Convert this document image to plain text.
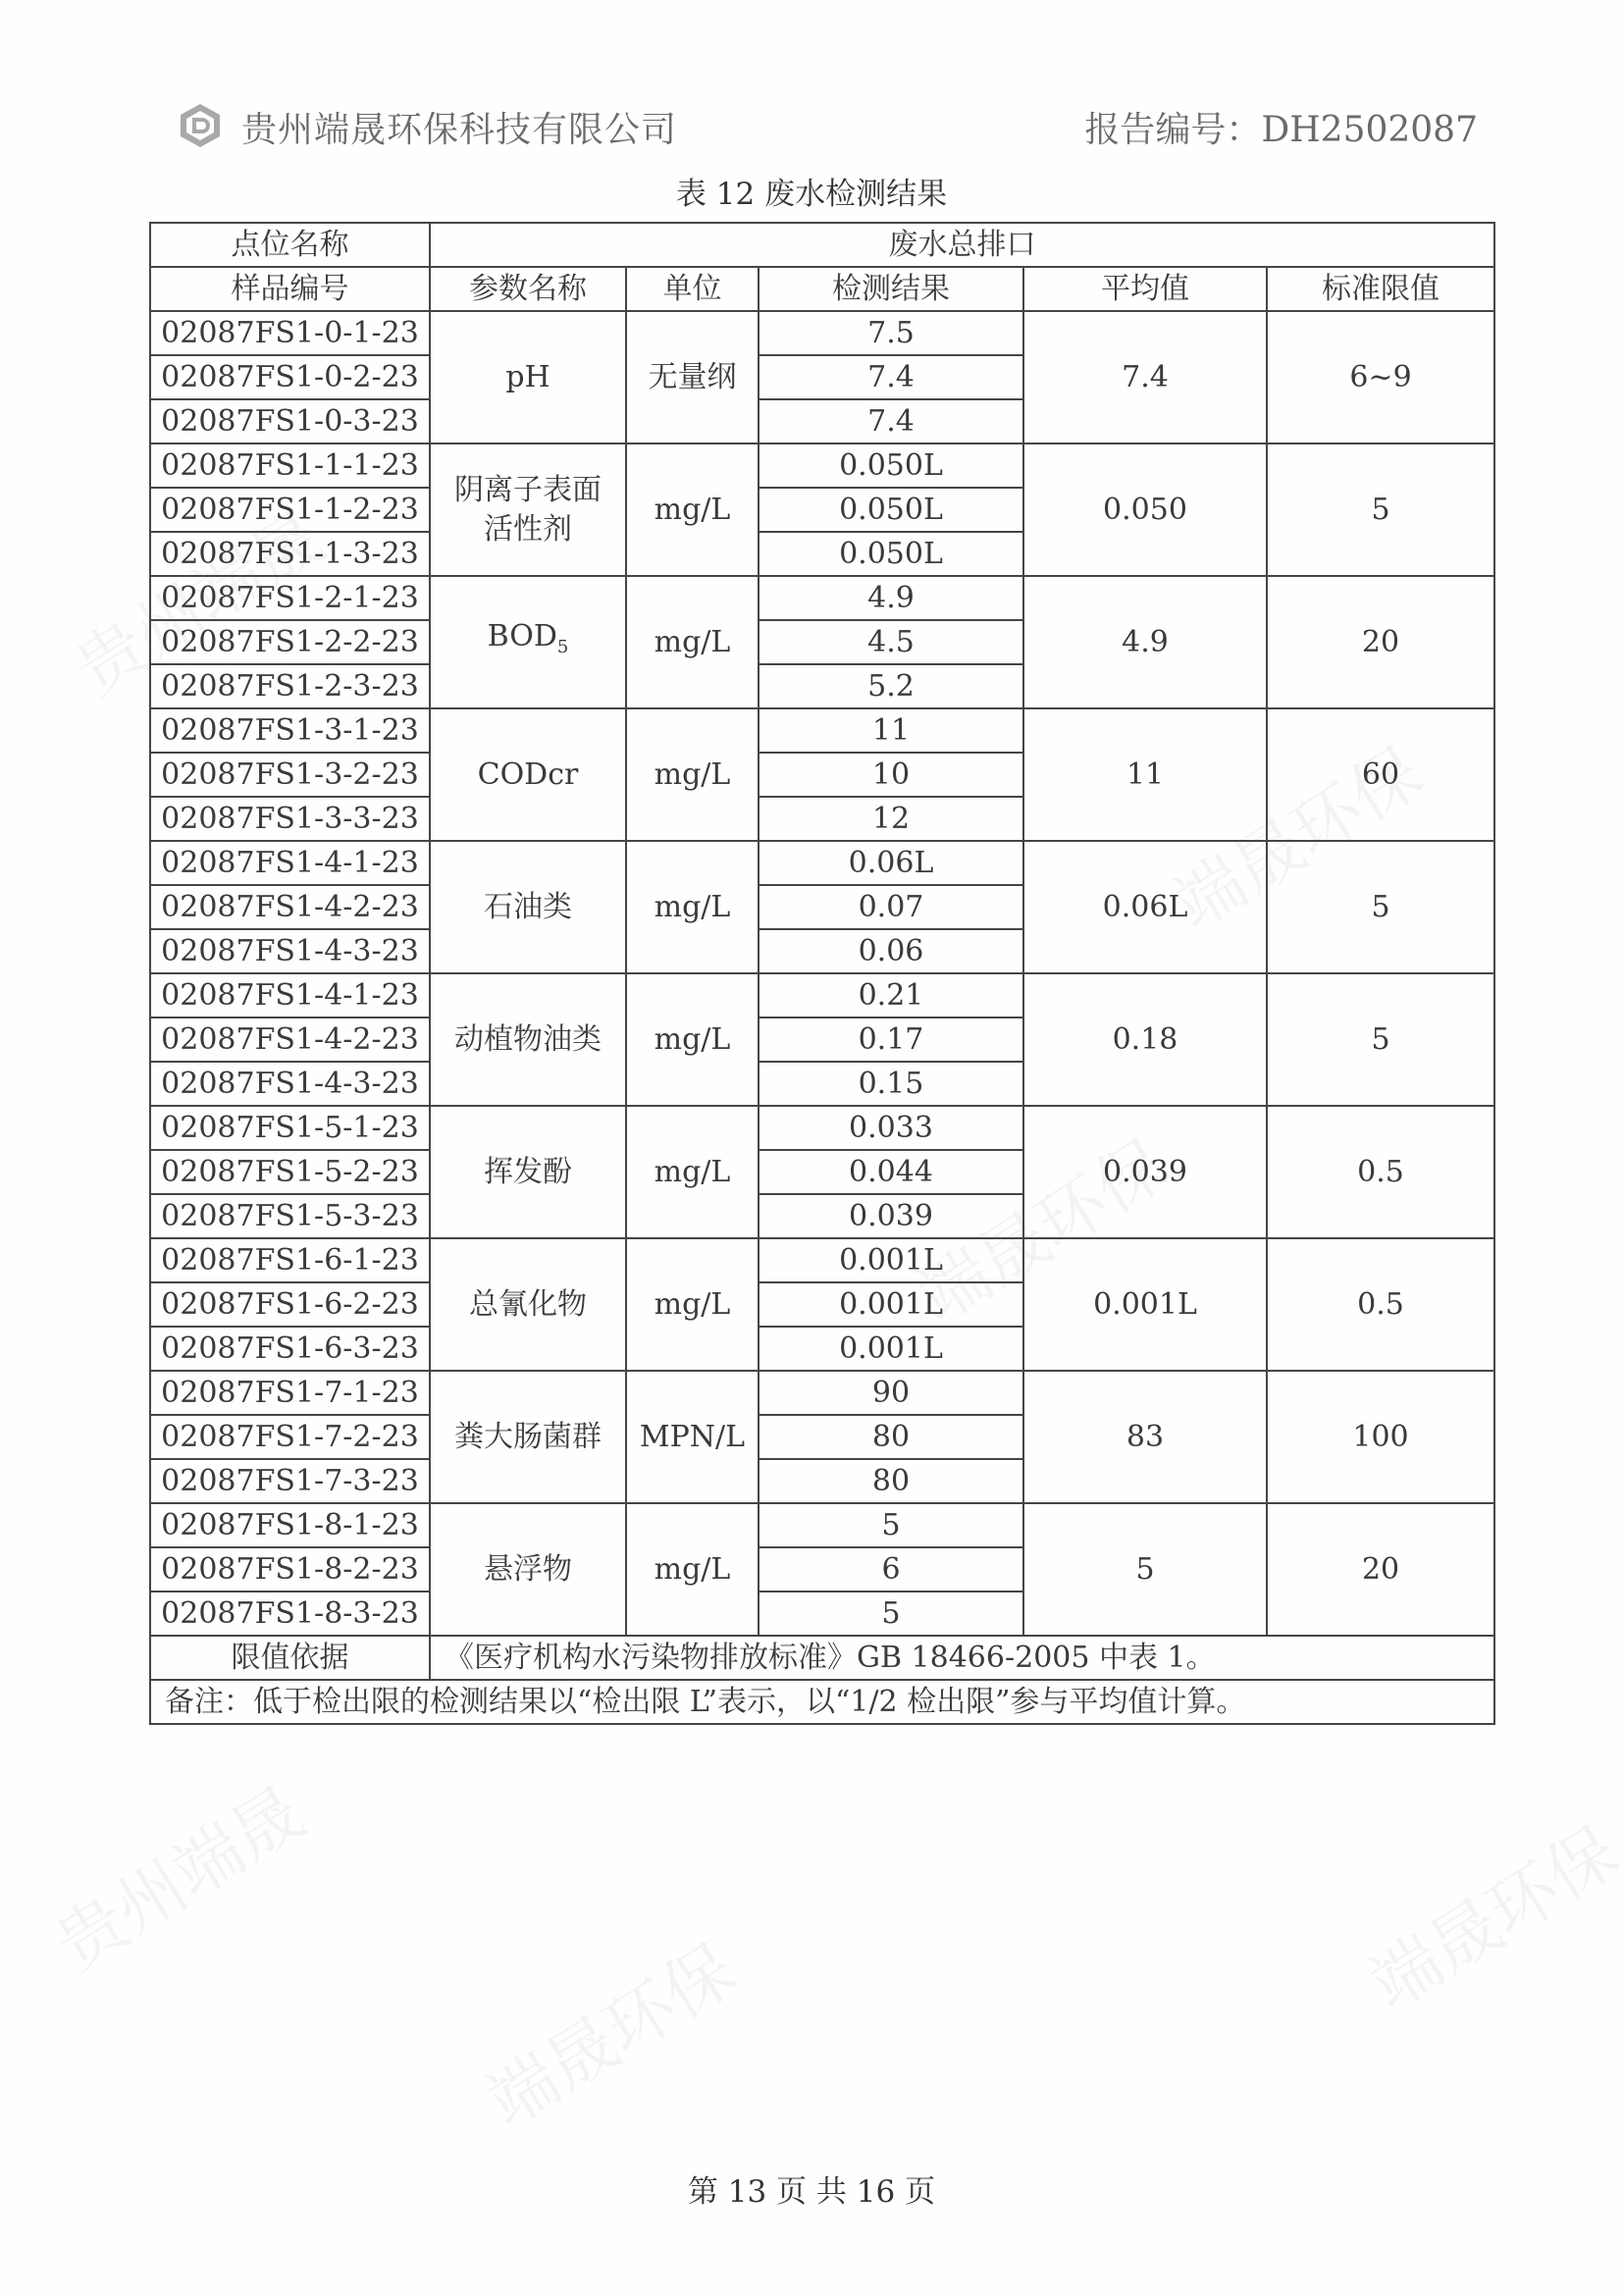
贵州端晟环保科技有限公司	报告编号：DH2502087
表 12 废水检测结果
点位名称	废水总排口				
样品编号	参数名称	单位	检测结果	平均值	标准限值
02087FS1-0-1-23	pH	无量纲	7.5	7.4	6~9
02087FS1-0-2-23			7.4		
02087FS1-0-3-23			7.4		
02087FS1-1-1-23	阴离子表面活性剂	mg/L	0.050L	0.050	5
02087FS1-1-2-23			0.050L		
02087FS1-1-3-23			0.050L		
02087FS1-2-1-23	$BOD_5$	mg/L	4.9	4.9	20
02087FS1-2-2-23			4.5		
02087FS1-2-3-23			5.2		
02087FS1-3-1-23	CODcr	mg/L	11	11	60
02087FS1-3-2-23			10		
02087FS1-3-3-23			12		
02087FS1-4-1-23	石油类	mg/L	0.06L	0.06L	5
02087FS1-4-2-23			0.07		
02087FS1-4-3-23			0.06		
02087FS1-4-1-23	动植物油类	mg/L	0.21	0.18	5
02087FS1-4-2-23			0.17		
02087FS1-4-3-23			0.15		
02087FS1-5-1-23	挥发酚	mg/L	0.033	0.039	0.5
02087FS1-5-2-23			0.044		
02087FS1-5-3-23			0.039		
02087FS1-6-1-23	总氰化物	mg/L	0.001L	0.001L	0.5
02087FS1-6-2-23			0.001L		
02087FS1-6-3-23			0.001L		
02087FS1-7-1-23	粪大肠菌群	MPN/L	90	83	100
02087FS1-7-2-23			80		
02087FS1-7-3-23			80		
02087FS1-8-1-23	悬浮物	mg/L	5	5	20
02087FS1-8-2-23			6		
02087FS1-8-3-23			5		
限值依据	《医疗机构水污染物排放标准》GB 18466-2005 中表 1。				
备注：低于检出限的检测结果以“检出限 L”表示，以“1/2 检出限”参与平均值计算。					
第 13 页 共 16 页
